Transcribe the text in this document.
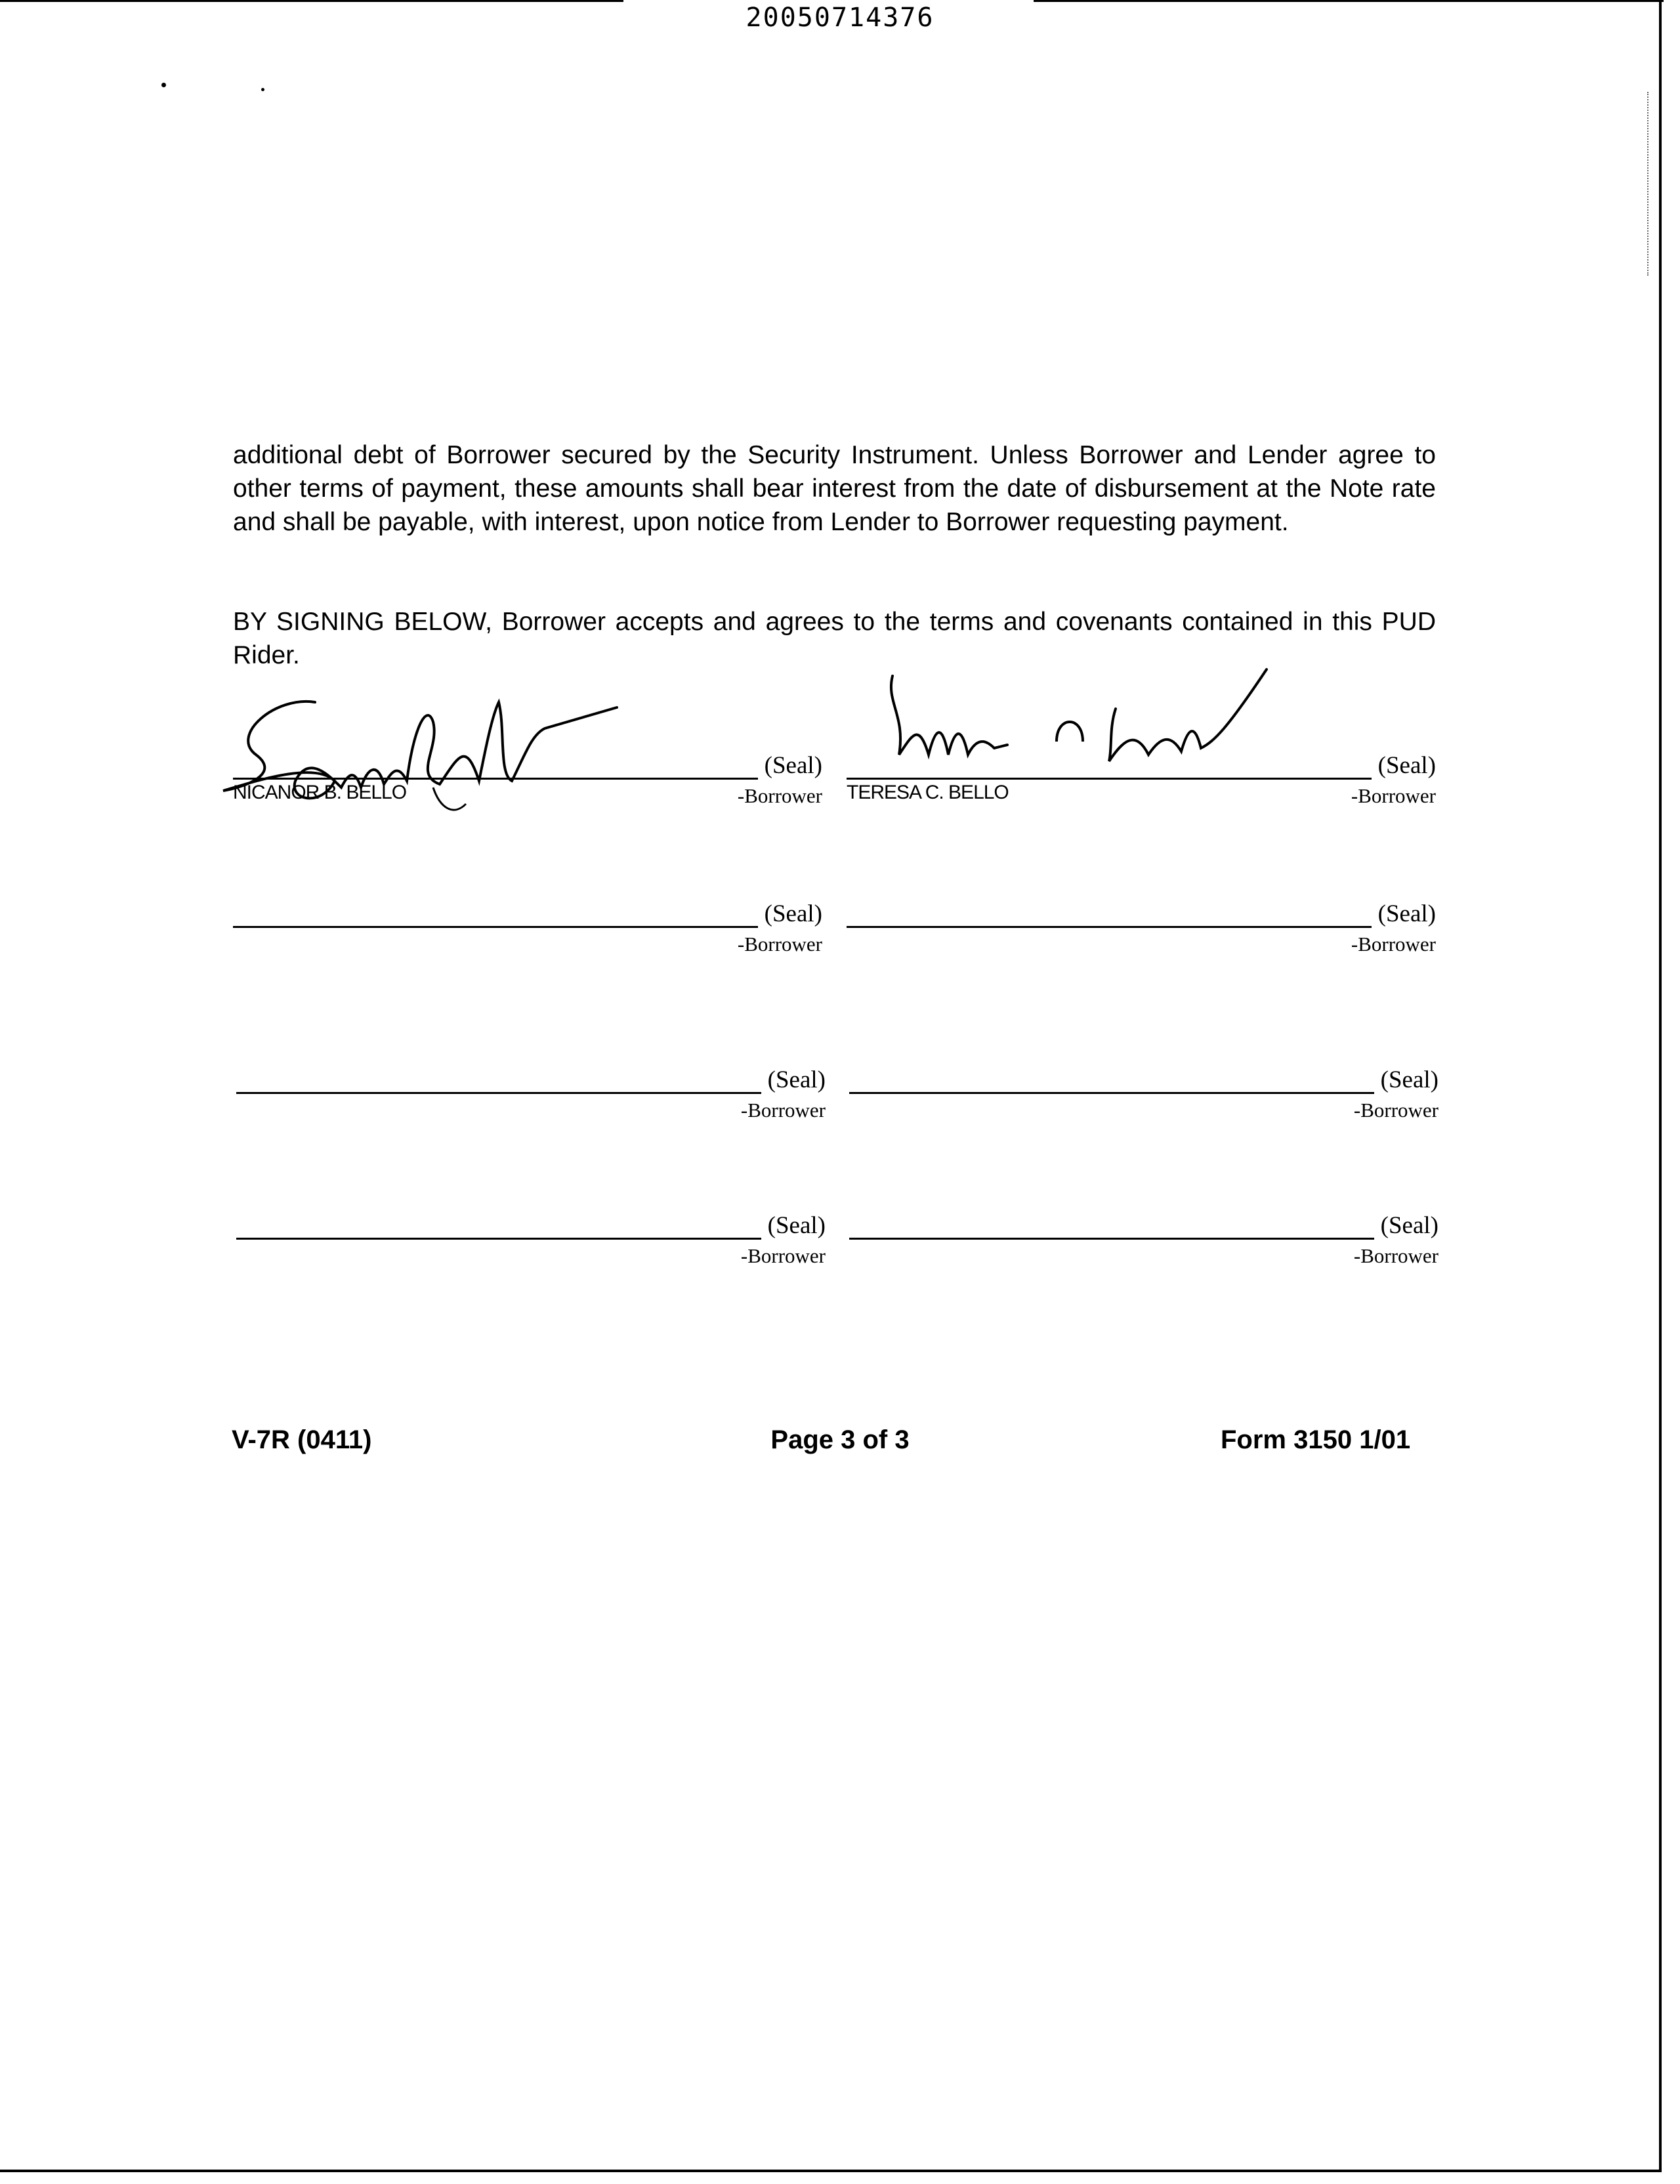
20050714376

additional debt of Borrower secured by the Security Instrument. Unless Borrower and Lender agree to other terms of payment, these amounts shall bear interest from the date of disbursement at the Note rate and shall be payable, with interest, upon notice from Lender to Borrower requesting payment.

BY SIGNING BELOW, Borrower accepts and agrees to the terms and covenants contained in this PUD Rider.

(Seal)
-Borrower
NICANOR B. BELLO
(Seal)
-Borrower
TERESA C. BELLO
(Seal)
-Borrower
(Seal)
-Borrower
(Seal)
-Borrower
(Seal)
-Borrower
(Seal)
-Borrower
(Seal)
-Borrower
V-7R (0411)	Page 3 of 3	Form 3150 1/01
